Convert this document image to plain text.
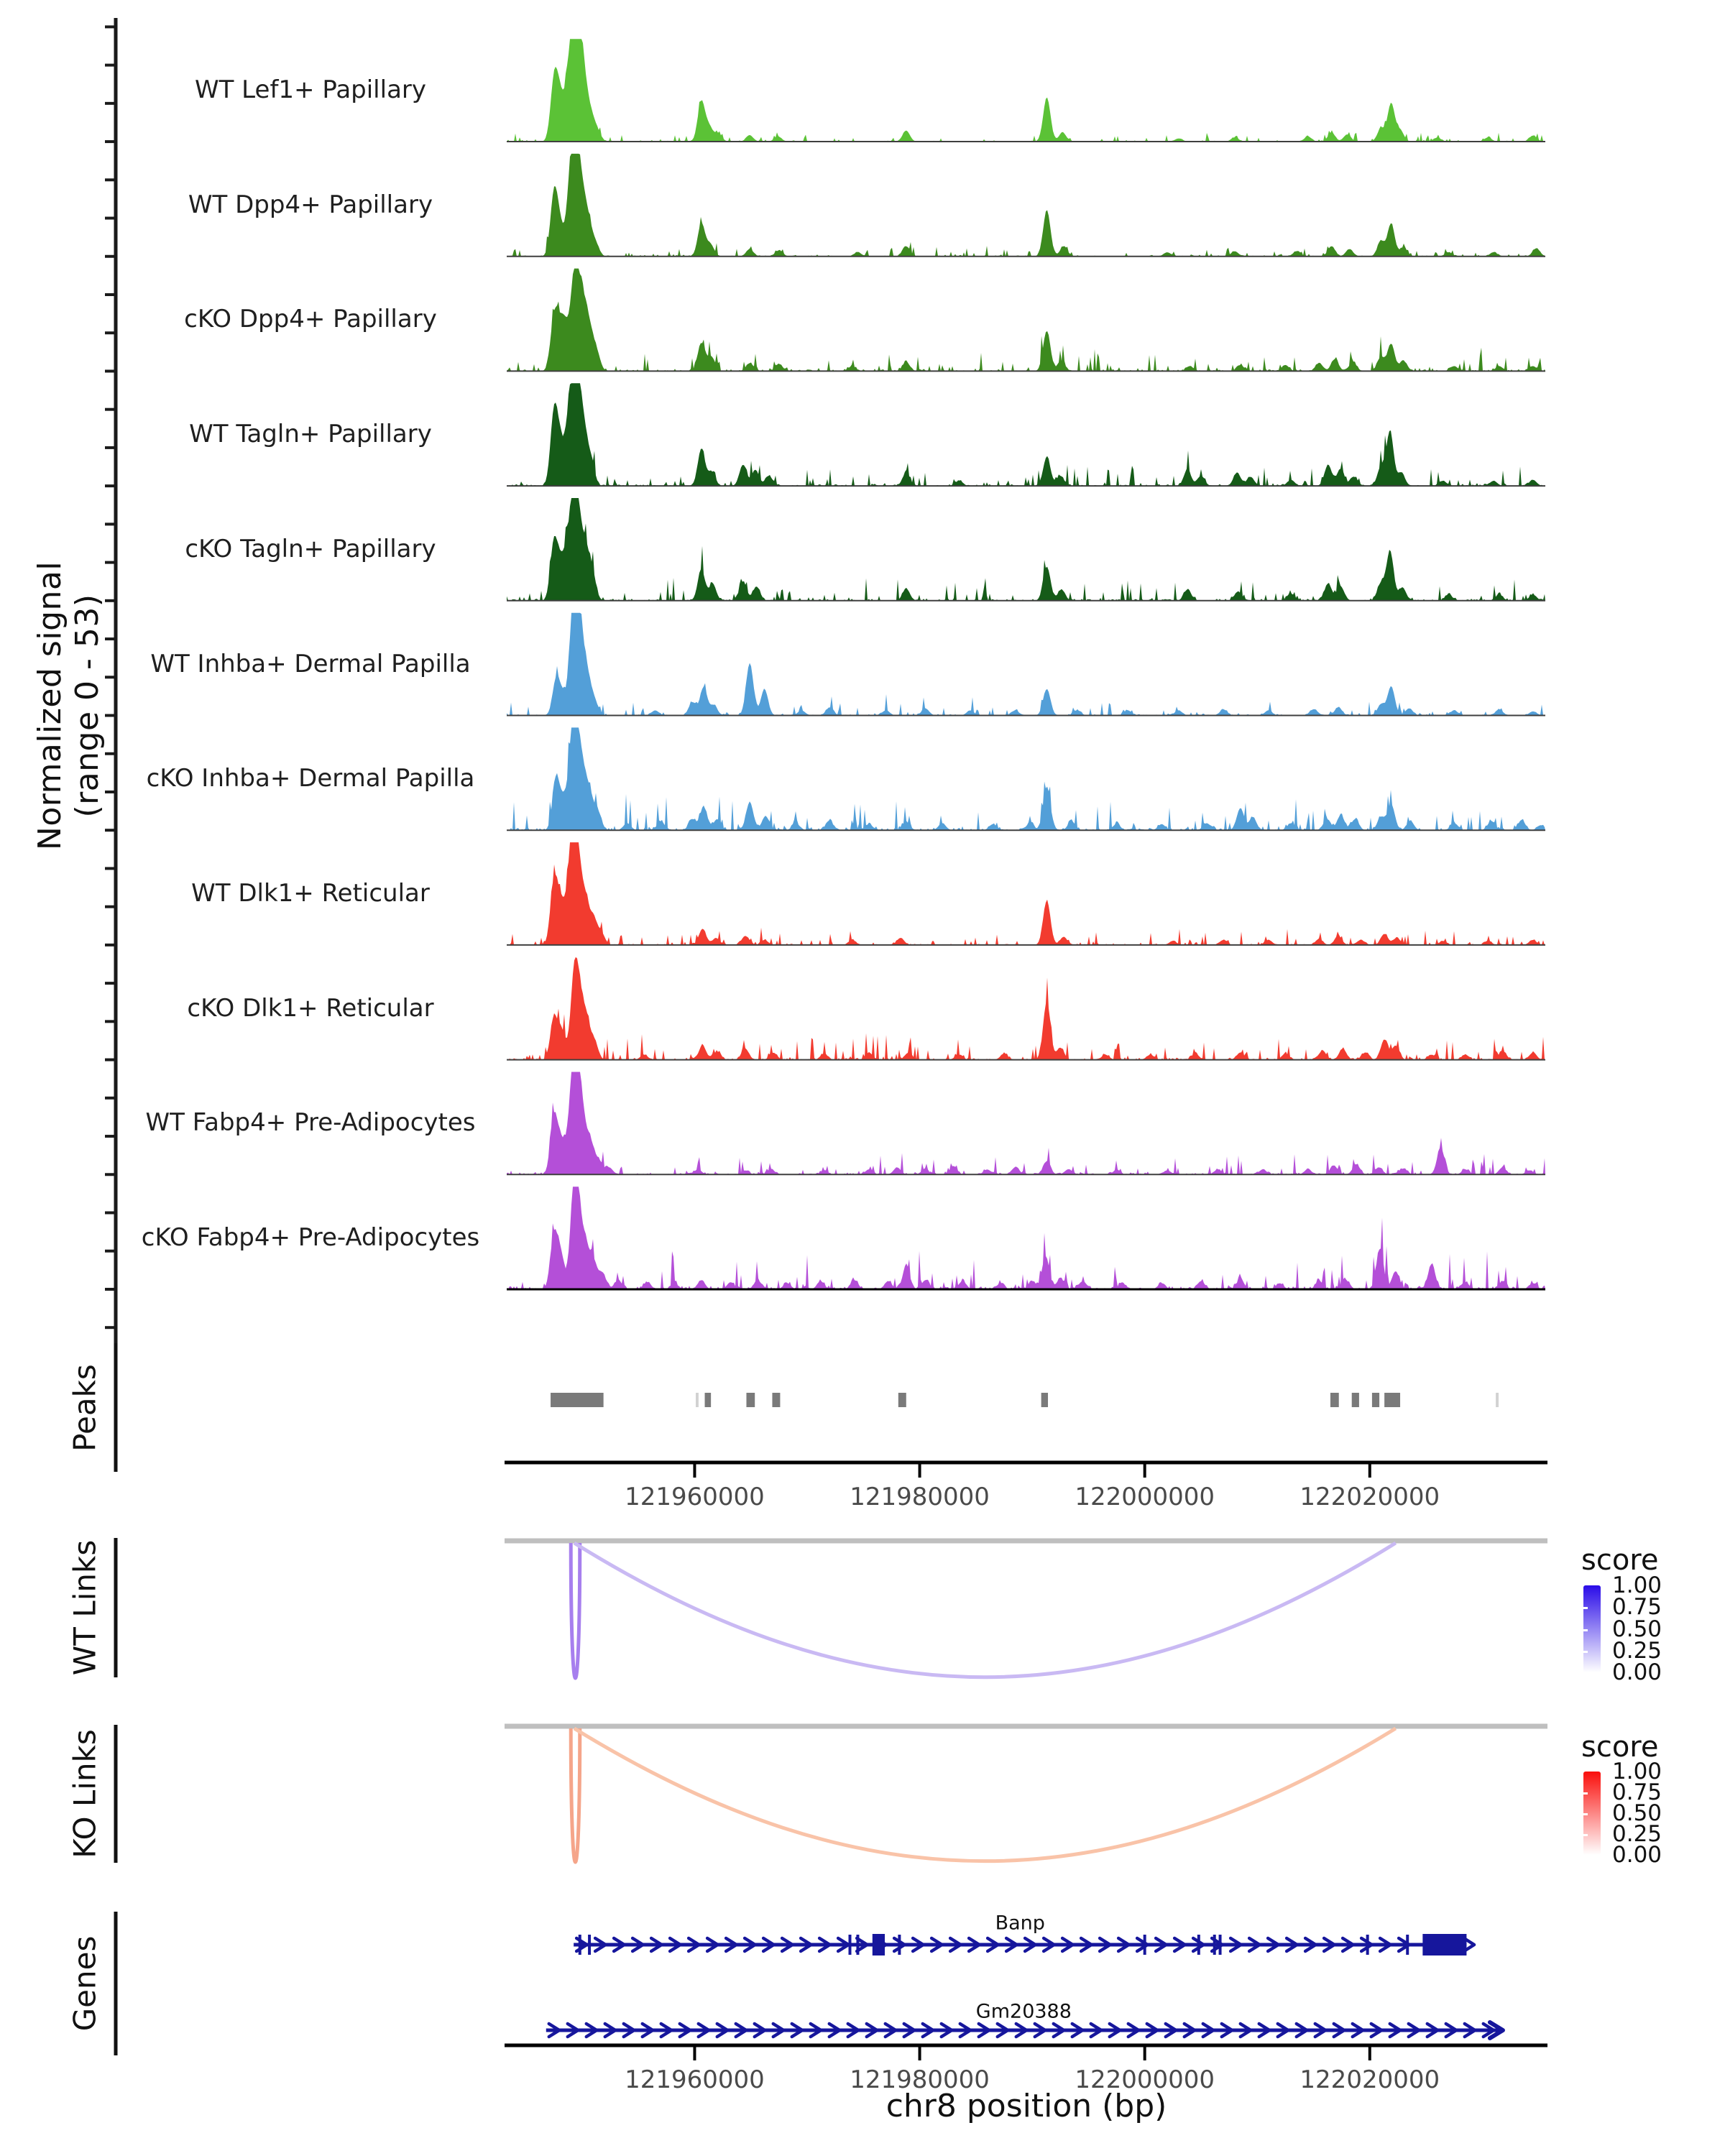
Normalized signal (range 0 - 53)
Peaks
WT Links
KO Links
Genes
WT Lef1+ Papillary
WT Dpp4+ Papillary
cKO Dpp4+ Papillary
WT Tagln+ Papillary
cKO Tagln+ Papillary
WT Inhba+ Dermal Papilla
cKO Inhba+ Dermal Papilla
WT Dlk1+ Reticular
cKO Dlk1+ Reticular
WT Fabp4+ Pre-Adipocytes
cKO Fabp4+ Pre-Adipocytes
121960000	121980000	122000000	122020000
121960000	121980000	122000000	122020000
chr8 position (bp)
Banp
Gm20388
score
1.00
0.75
0.50
0.25
0.00
score
1.00
0.75
0.50
0.25
0.00
